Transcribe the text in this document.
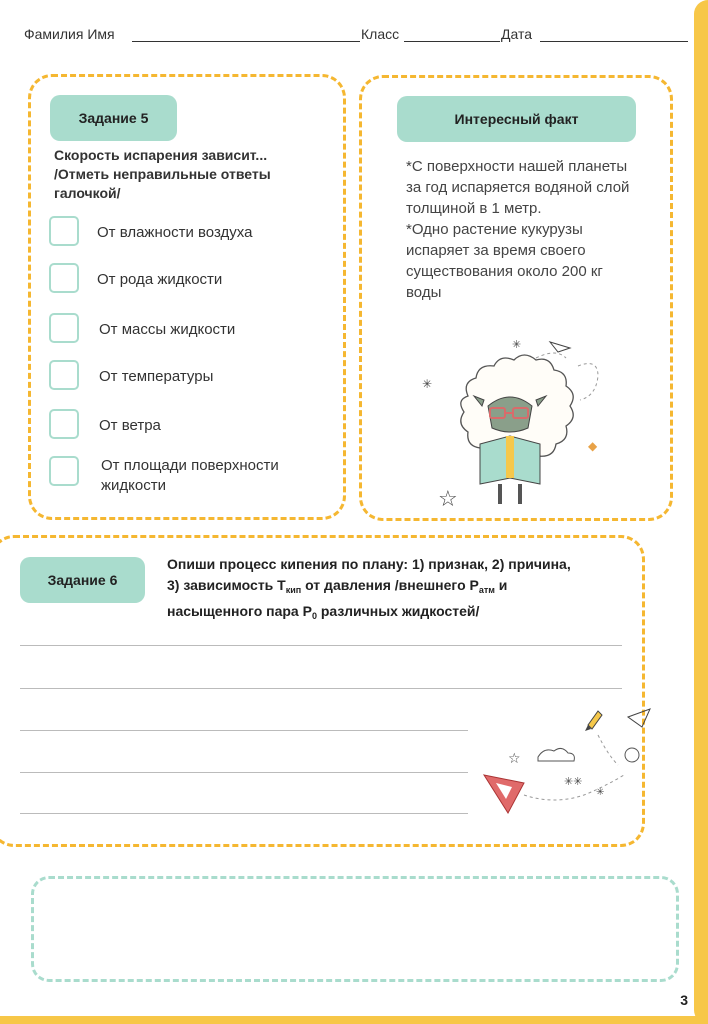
Фамилия Имя	Класс	Дата
Задание 5
Скорость испарения зависит...
/Отметь неправильные ответы
галочкой/
От влажности воздуха
От рода жидкости
От массы жидкости
От температуры
От ветра
От площади поверхности
жидкости
Интересный факт

*С поверхности нашей планеты за год испаряется водяной слой толщиной в 1 метр.

*Одно растение кукурузы испаряет за время своего существования около 200 кг воды

✳
☆
◆
✳
Задание 6
Опиши процесс кипения по плану: 1) признак, 2) причина, 3) зависимость $Т_{кип}$ от давления /внешнего $Р_{атм}$ и насыщенного пара $Р_0$ различных жидкостей/
☆
✳✳
✳
3
